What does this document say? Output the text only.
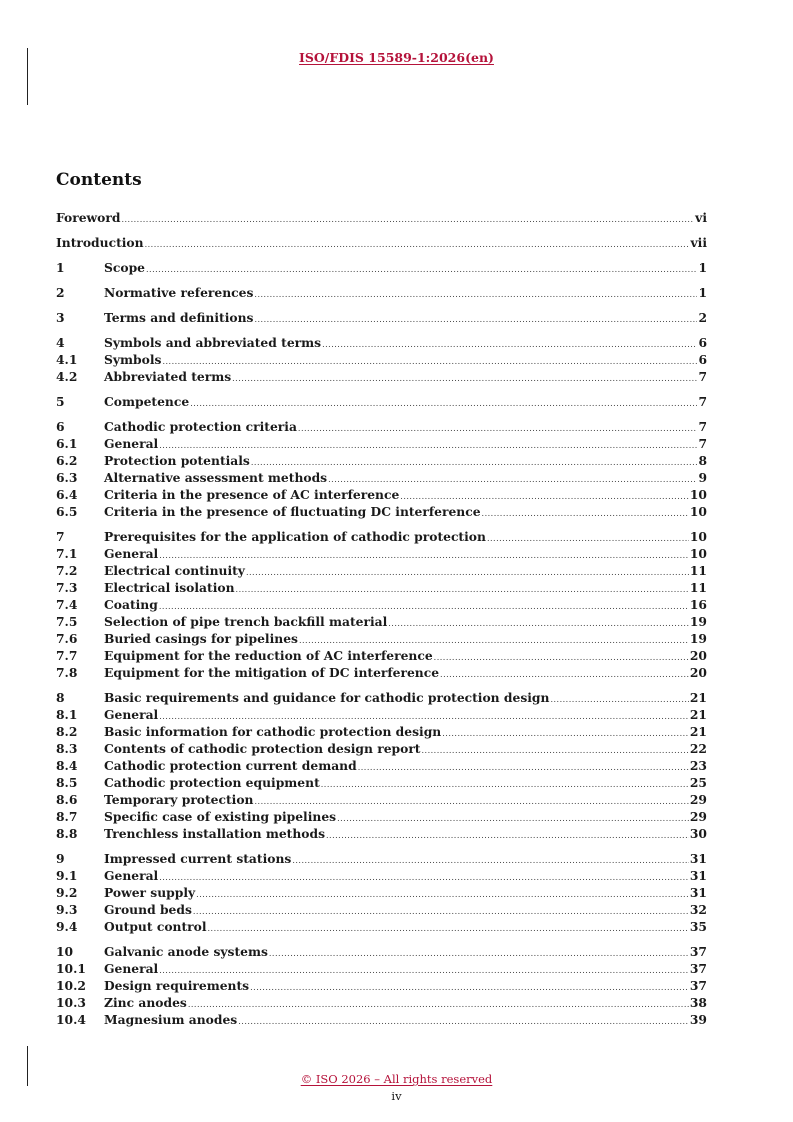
ISO/FDIS 15589-1:2026(en)
Contents
Foreword .....	vi
Introduction .....	vii
1	Scope .....	1
2	Normative references .....	1
3	Terms and definitions .....	2
4	Symbols and abbreviated terms .....	6
4.1	Symbols .....	6
4.2	Abbreviated terms .....	7
5	Competence .....	7
6	Cathodic protection criteria .....	7
6.1	General .....	7
6.2	Protection potentials .....	8
6.3	Alternative assessment methods .....	9
6.4	Criteria in the presence of AC interference .....	10
6.5	Criteria in the presence of fluctuating DC interference .....	10
7	Prerequisites for the application of cathodic protection .....	10
7.1	General .....	10
7.2	Electrical continuity .....	11
7.3	Electrical isolation .....	11
7.4	Coating .....	16
7.5	Selection of pipe trench backfill material .....	19
7.6	Buried casings for pipelines .....	19
7.7	Equipment for the reduction of AC interference .....	20
7.8	Equipment for the mitigation of DC interference .....	20
8	Basic requirements and guidance for cathodic protection design .....	21
8.1	General .....	21
8.2	Basic information for cathodic protection design .....	21
8.3	Contents of cathodic protection design report .....	22
8.4	Cathodic protection current demand .....	23
8.5	Cathodic protection equipment .....	25
8.6	Temporary protection .....	29
8.7	Specific case of existing pipelines .....	29
8.8	Trenchless installation methods .....	30
9	Impressed current stations .....	31
9.1	General .....	31
9.2	Power supply .....	31
9.3	Ground beds .....	32
9.4	Output control .....	35
10	Galvanic anode systems .....	37
10.1	General .....	37
10.2	Design requirements .....	37
10.3	Zinc anodes .....	38
10.4	Magnesium anodes .....	39
© ISO 2026 – All rights reserved
iv
